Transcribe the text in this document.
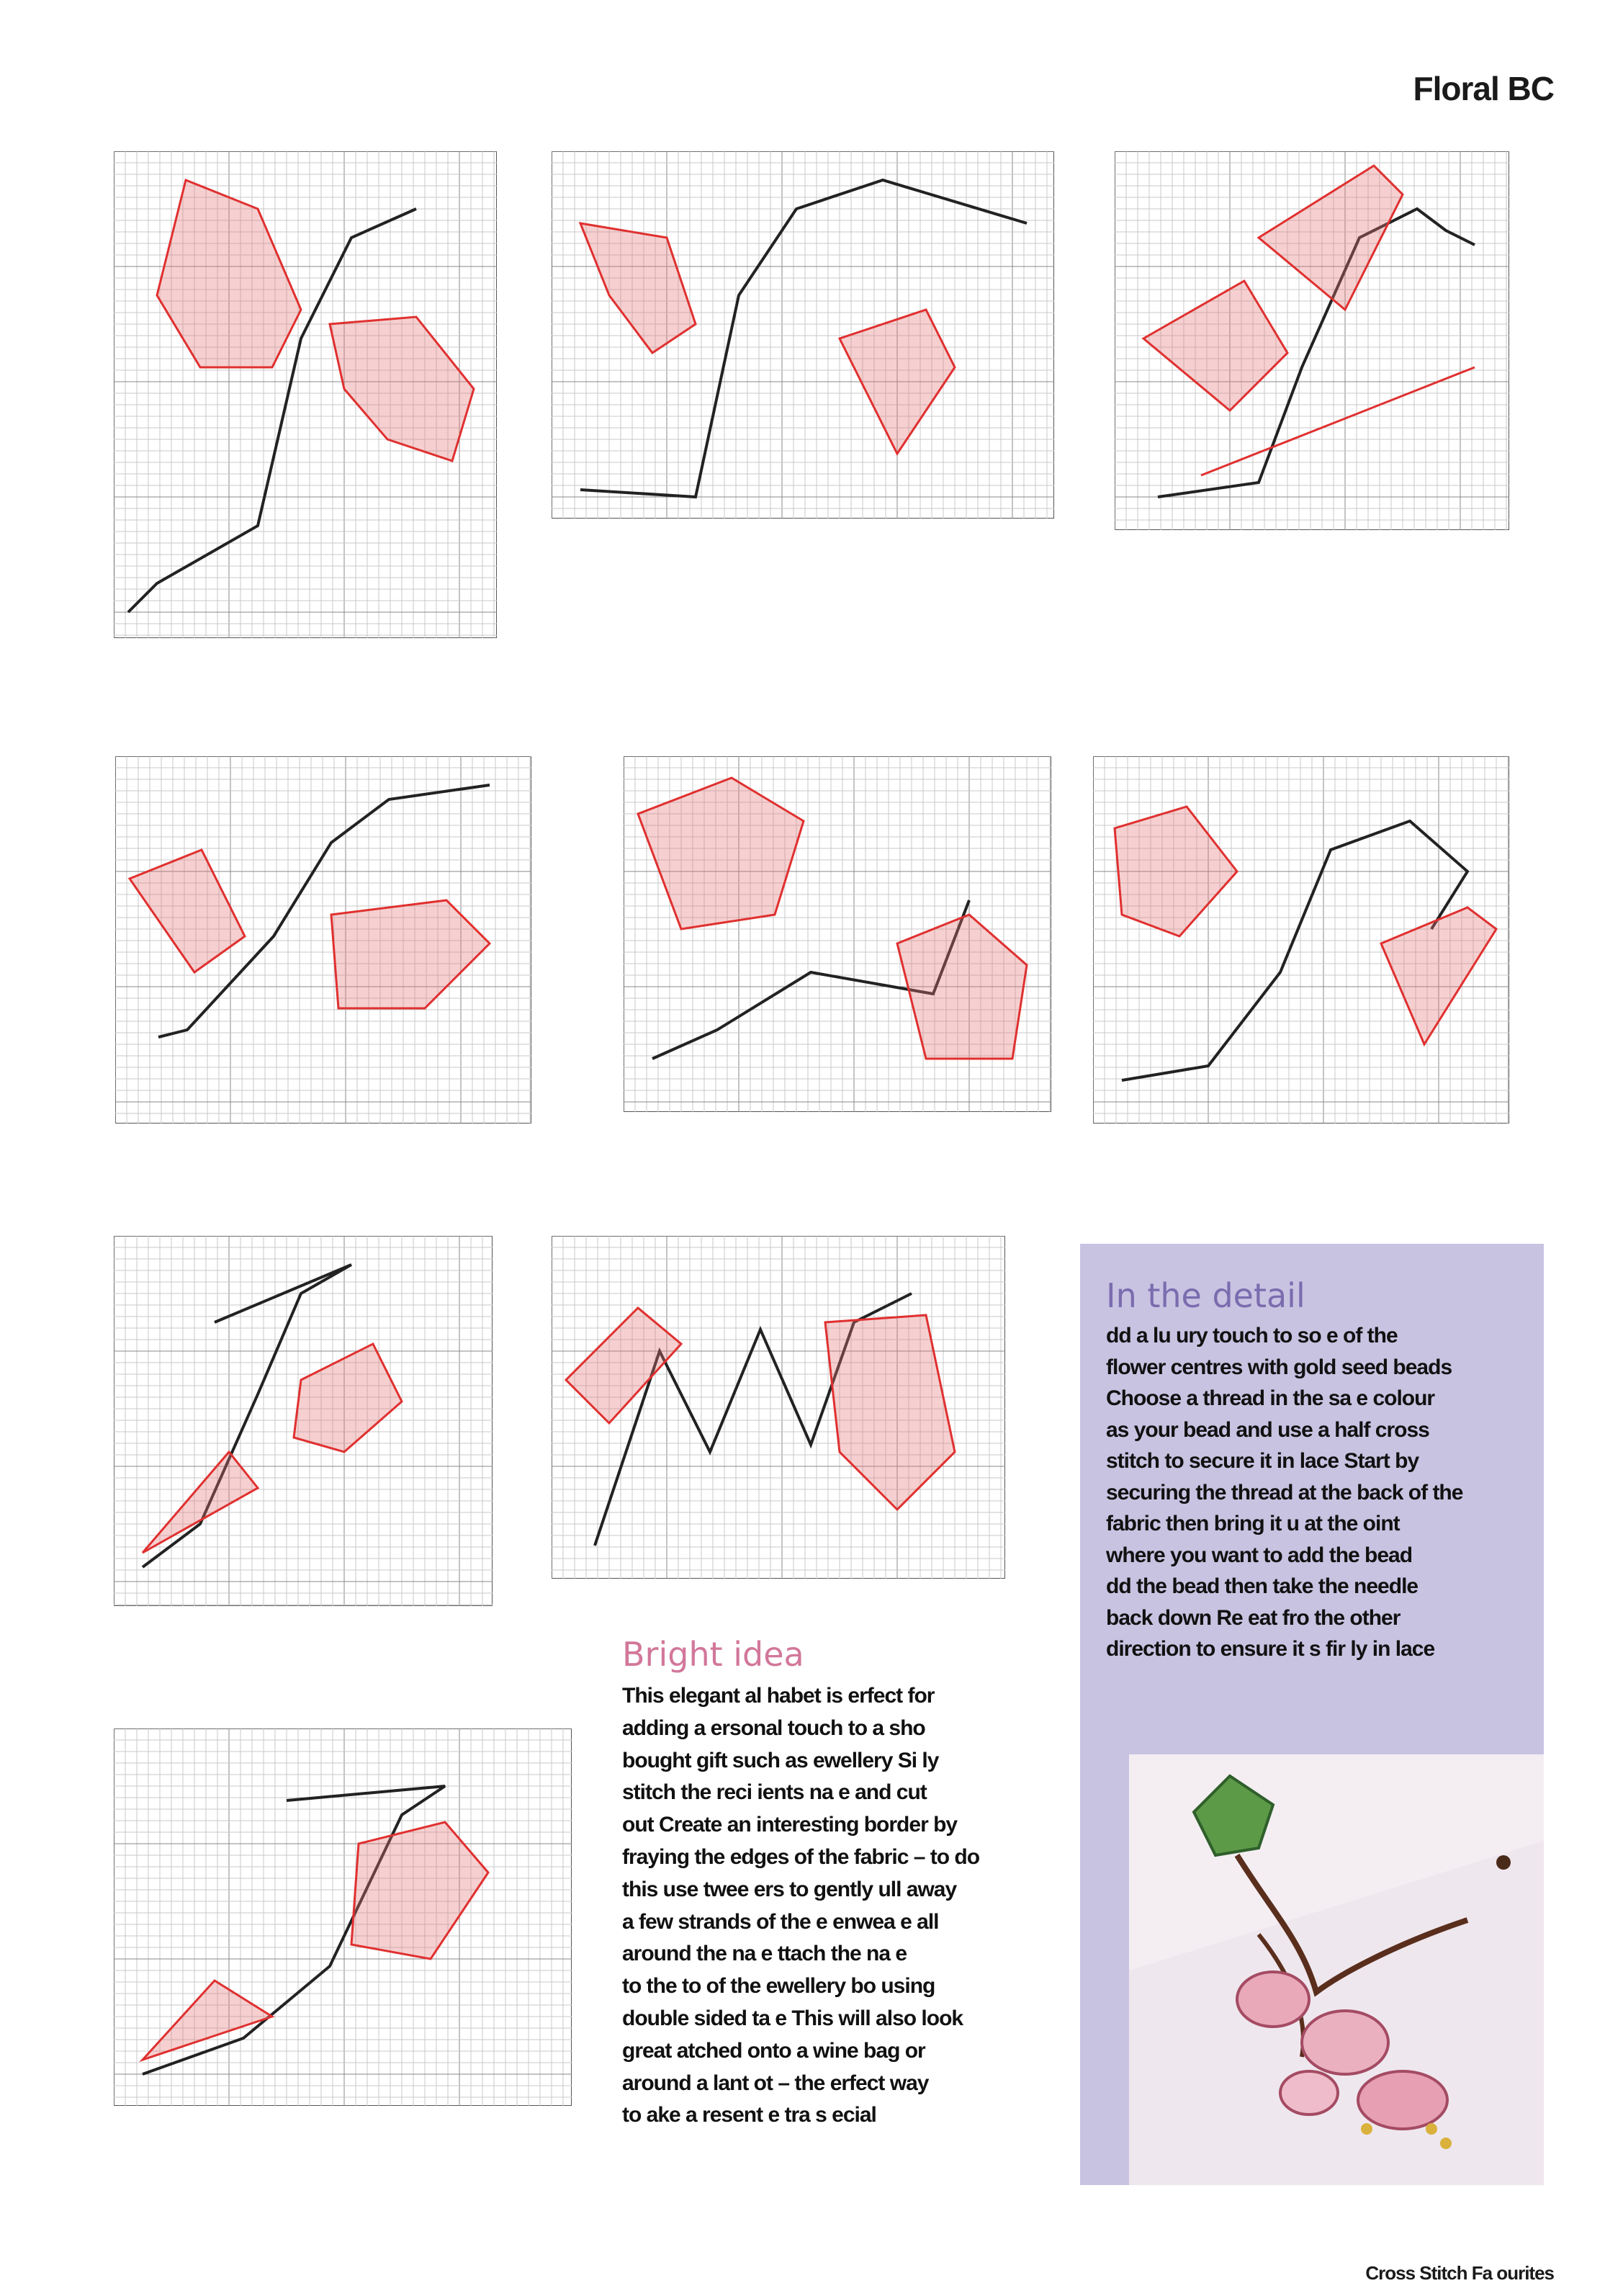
Floral BC
Bright idea
This elegant al habet is erfect for
adding a ersonal touch to a sho
bought gift such as ewellery Si ly
stitch the reci ients na e and cut
out Create an interesting border by
fraying the edges of the fabric – to do
this use twee ers to gently ull away
a few strands of the e enwea e all
around the na e ttach the na e
to the to of the ewellery bo using
double sided ta e This will also look
great atched onto a wine bag or
around a lant ot – the erfect way
to ake a resent e tra s ecial
In the detail
dd a lu ury touch to so e of the
flower centres with gold seed beads
Choose a thread in the sa e colour
as your bead and use a half cross
stitch to secure it in lace Start by
securing the thread at the back of the
fabric then bring it u at the oint
where you want to add the bead
dd the bead then take the needle
back down Re eat fro the other
direction to ensure it s fir ly in lace
Cross Stitch Fa ourites
